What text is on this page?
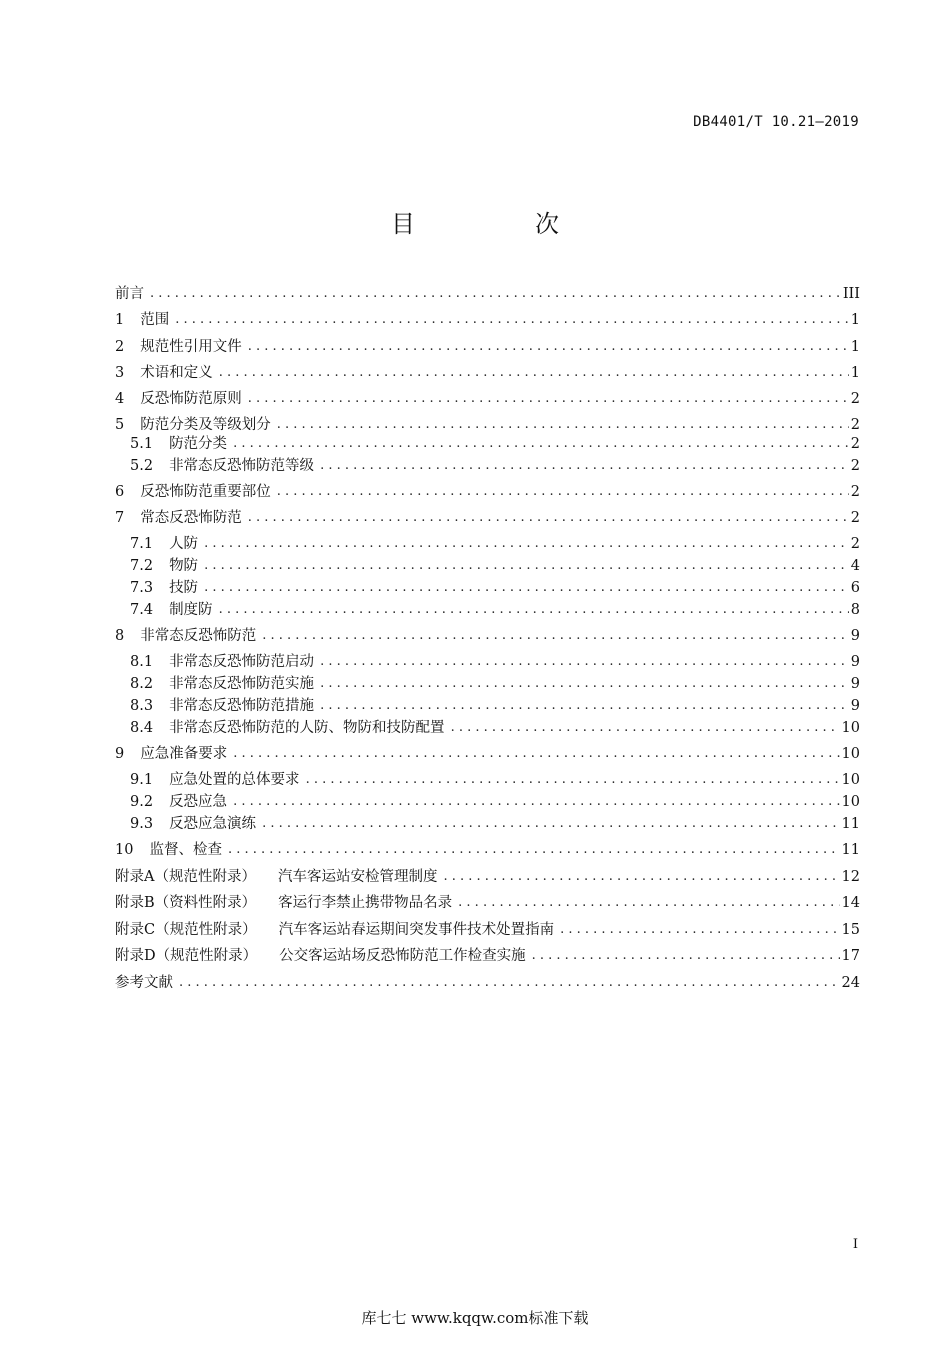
DB4401/T 10.21—2019
目　次
前言 . . .	III
1 范围 . . .	1
2 规范性引用文件 . . .	1
3 术语和定义 . . .	1
4 反恐怖防范原则 . . .	2
5 防范分类及等级划分 . . .	2
5.1 防范分类 . . .	2
5.2 非常态反恐怖防范等级 . . .	2
6 反恐怖防范重要部位 . . .	2
7 常态反恐怖防范 . . .	2
7.1 人防 . . .	2
7.2 物防 . . .	4
7.3 技防 . . .	6
7.4 制度防 . . .	8
8 非常态反恐怖防范 . . .	9
8.1 非常态反恐怖防范启动 . . .	9
8.2 非常态反恐怖防范实施 . . .	9
8.3 非常态反恐怖防范措施 . . .	9
8.4 非常态反恐怖防范的人防、物防和技防配置 . . .	10
9 应急准备要求 . . .	10
9.1 应急处置的总体要求 . . .	10
9.2 反恐应急 . . .	10
9.3 反恐应急演练 . . .	11
10 监督、检查 . . .	11
附录A（规范性附录） 汽车客运站安检管理制度 . . .	12
附录B（资料性附录） 客运行李禁止携带物品名录 . . .	14
附录C（规范性附录） 汽车客运站春运期间突发事件技术处置指南 . . .	15
附录D（规范性附录） 公交客运站场反恐怖防范工作检查实施 . . .	17
参考文献 . . .	24
I
库七七 www.kqqw.com标准下载
